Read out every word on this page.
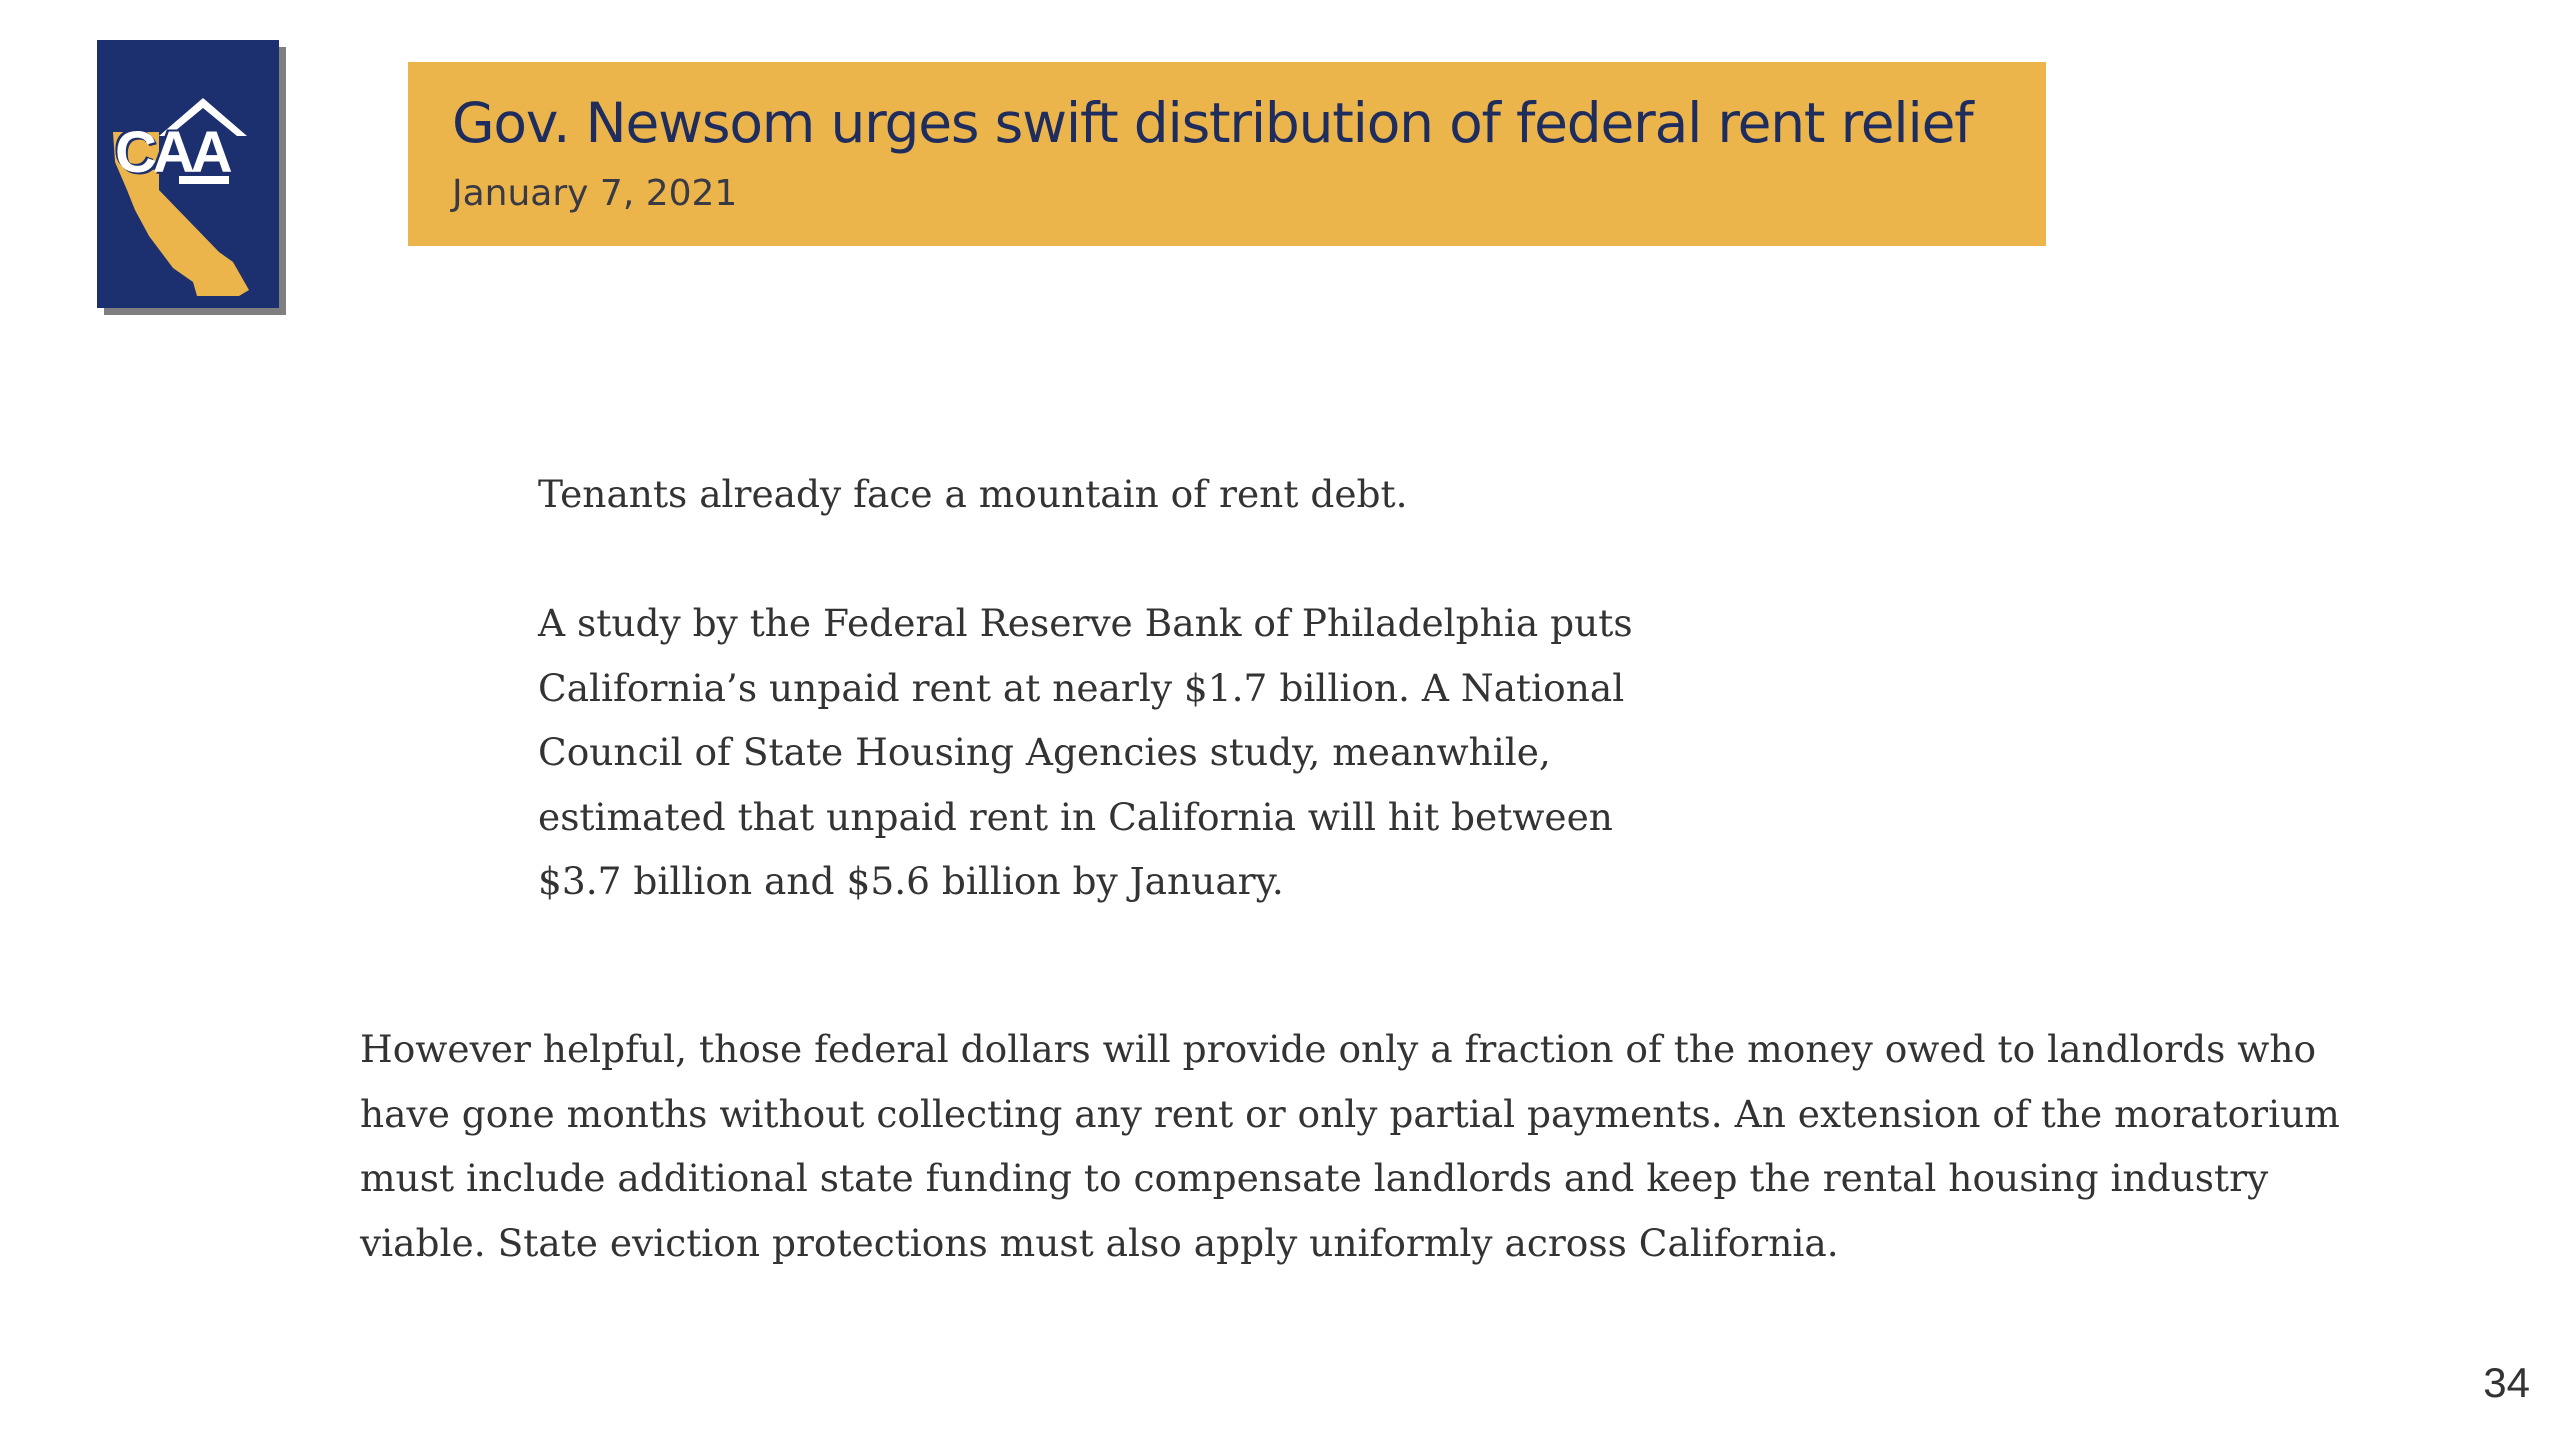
CAA	Gov. Newsom urges swift distribution of federal rent relief
January 7, 2021

Tenants already face a mountain of rent debt.

A study by the Federal Reserve Bank of Philadelphia puts California’s unpaid rent at nearly $1.7 billion. A National Council of State Housing Agencies study, meanwhile, estimated that unpaid rent in California will hit between $3.7 billion and $5.6 billion by January.

However helpful, those federal dollars will provide only a fraction of the money owed to landlords who have gone months without collecting any rent or only partial payments. An extension of the moratorium must include additional state funding to compensate landlords and keep the rental housing industry viable. State eviction protections must also apply uniformly across California.
34
